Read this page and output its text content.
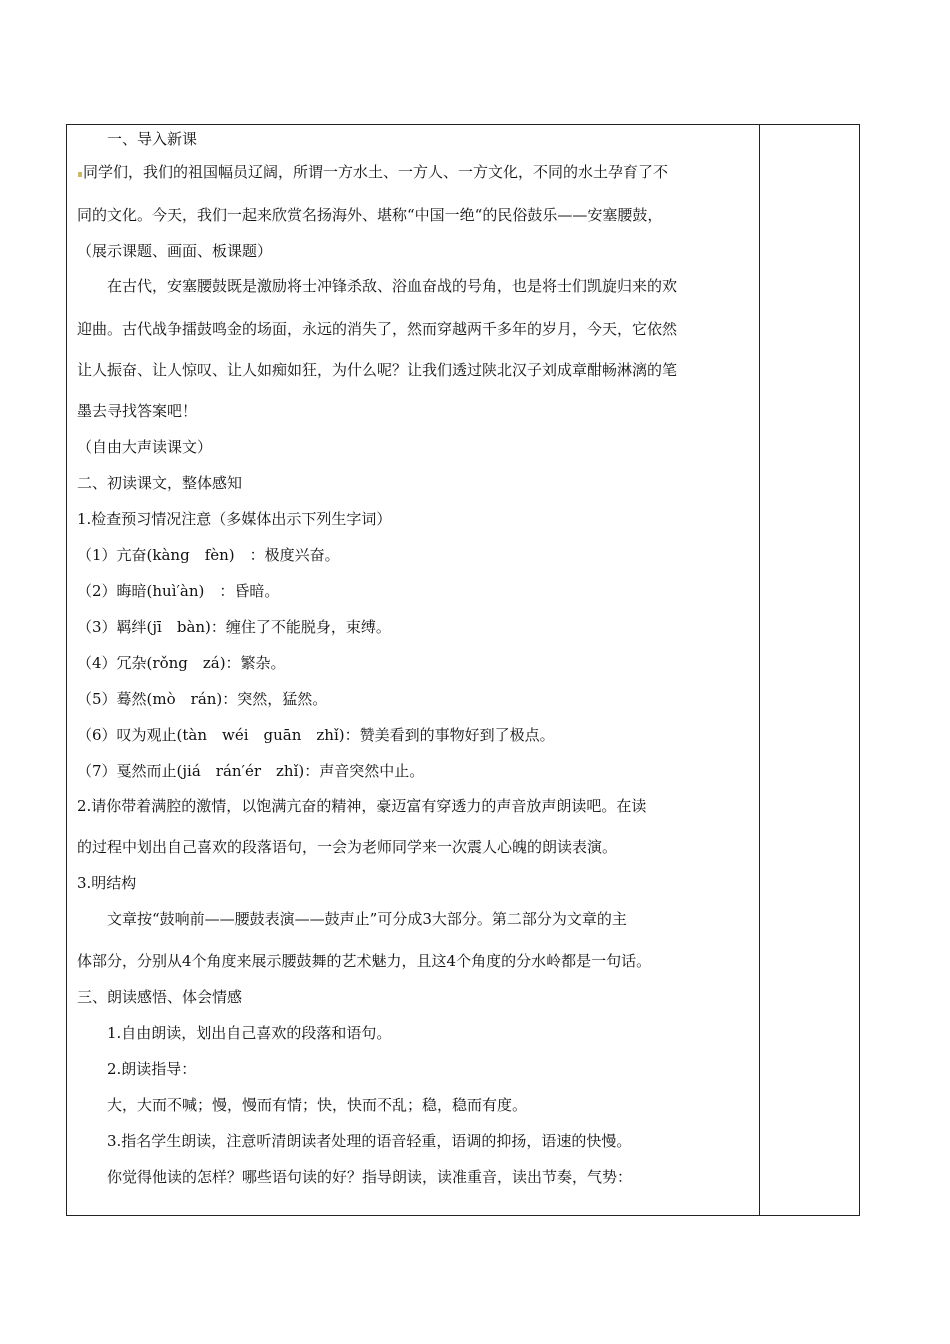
　　一、导入新课
同学们，我们的祖国幅员辽阔，所谓一方水土、一方人、一方文化，不同的水土孕育了不
同的文化。今天，我们一起来欣赏名扬海外、堪称“中国一绝“的民俗鼓乐——安塞腰鼓，
（展示课题、画面、板课题）
　　在古代，安塞腰鼓既是激励将士冲锋杀敌、浴血奋战的号角，也是将士们凯旋归来的欢
迎曲。古代战争擂鼓鸣金的场面，永远的消失了，然而穿越两千多年的岁月，今天，它依然
让人振奋、让人惊叹、让人如痴如狂，为什么呢？让我们透过陕北汉子刘成章酣畅淋漓的笔
墨去寻找答案吧！
（自由大声读课文）
二、初读课文，整体感知
1.检查预习情况注意（多媒体出示下列生字词）
（1）亢奋(kàng　fèn)　：极度兴奋。
（2）晦暗(huì′àn)　：昏暗。
（3）羁绊(jī　bàn)：缠住了不能脱身，束缚。
（4）冗杂(rǒng　zá)：繁杂。
（5）蓦然(mò　rán)：突然，猛然。
（6）叹为观止(tàn　wéi　guān　zhǐ)：赞美看到的事物好到了极点。
（7）戛然而止(jiá　rán′ér　zhǐ)：声音突然中止。
2.请你带着满腔的激情，以饱满亢奋的精神，豪迈富有穿透力的声音放声朗读吧。在读
的过程中划出自己喜欢的段落语句，一会为老师同学来一次震人心魄的朗读表演。
3.明结构
　　文章按“鼓响前——腰鼓表演——鼓声止”可分成3大部分。第二部分为文章的主
体部分，分别从4个角度来展示腰鼓舞的艺术魅力，且这4个角度的分水岭都是一句话。
三、朗读感悟、体会情感
　　1.自由朗读，划出自己喜欢的段落和语句。
　　2.朗读指导：
　　大，大而不喊；慢，慢而有情；快，快而不乱；稳，稳而有度。
　　3.指名学生朗读，注意听清朗读者处理的语音轻重，语调的抑扬，语速的快慢。
　　你觉得他读的怎样？哪些语句读的好？指导朗读，读准重音，读出节奏，气势：
